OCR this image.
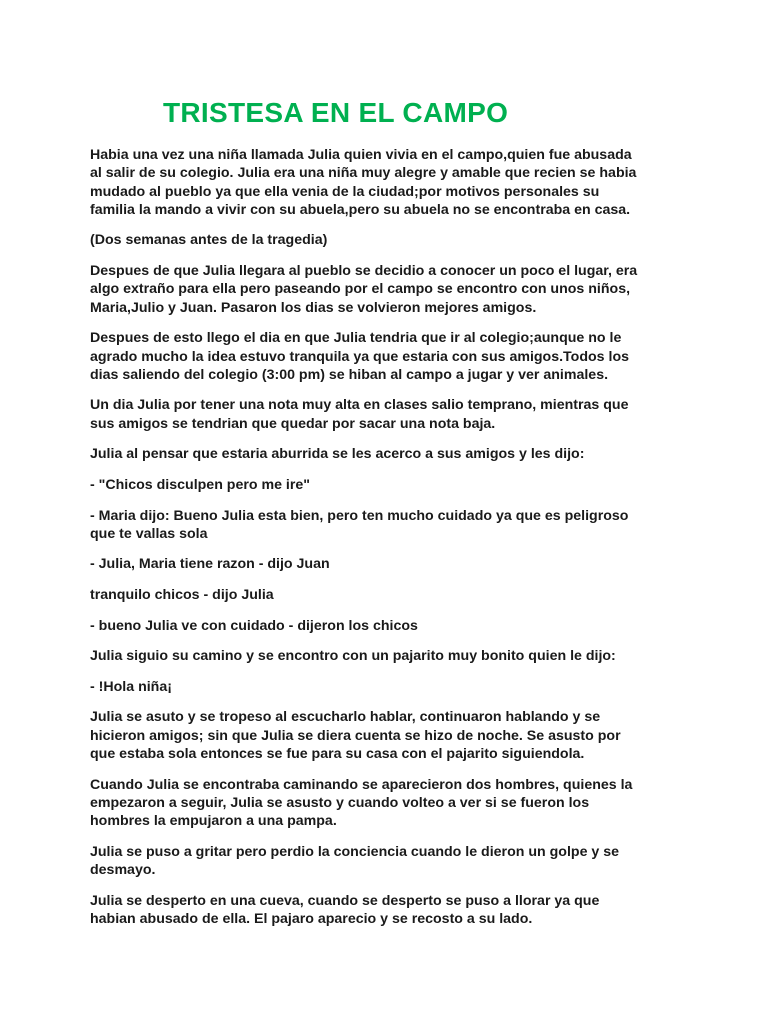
TRISTESA EN EL CAMPO

Habia una vez una niña llamada Julia quien vivia en el campo,quien fue abusada
al salir de su colegio. Julia era una niña muy alegre y amable que recien se habia
mudado al pueblo ya que ella venia de la ciudad;por motivos personales su
familia la mando a vivir con su abuela,pero su abuela no se encontraba en casa.

(Dos semanas antes de la tragedia)

Despues de que Julia llegara al pueblo se decidio a conocer un poco el lugar, era
algo extraño para ella pero paseando por el campo se encontro con unos niños,
Maria,Julio y Juan. Pasaron los dias se volvieron mejores amigos.

Despues de esto llego el dia en que Julia tendria que ir al colegio;aunque no le
agrado mucho la idea estuvo tranquila ya que estaria con sus amigos.Todos los
dias saliendo del colegio (3:00 pm) se hiban al campo a jugar y ver animales.

Un dia Julia por tener una nota muy alta en clases salio temprano, mientras que
sus amigos se tendrian que quedar por sacar una nota baja.

Julia al pensar que estaria aburrida se les acerco a sus amigos y les dijo:

- "Chicos disculpen pero me ire"

- Maria dijo: Bueno Julia esta bien, pero ten mucho cuidado ya que es peligroso
que te vallas sola

- Julia, Maria tiene razon - dijo Juan

tranquilo chicos - dijo Julia

- bueno Julia ve con cuidado - dijeron los chicos

Julia siguio su camino y se encontro con un pajarito muy bonito quien le dijo:

- !Hola niña¡

Julia se asuto y se tropeso al escucharlo hablar, continuaron hablando y se
hicieron amigos; sin que Julia se diera cuenta se hizo de noche. Se asusto por
que estaba sola entonces se fue para su casa con el pajarito siguiendola.

Cuando Julia se encontraba caminando se aparecieron dos hombres, quienes la
empezaron a seguir, Julia se asusto y cuando volteo a ver si se fueron los
hombres la empujaron a una pampa.

Julia se puso a gritar pero perdio la conciencia cuando le dieron un golpe y se
desmayo.

Julia se desperto en una cueva, cuando se desperto se puso a llorar ya que
habian abusado de ella. El pajaro aparecio y se recosto a su lado.
